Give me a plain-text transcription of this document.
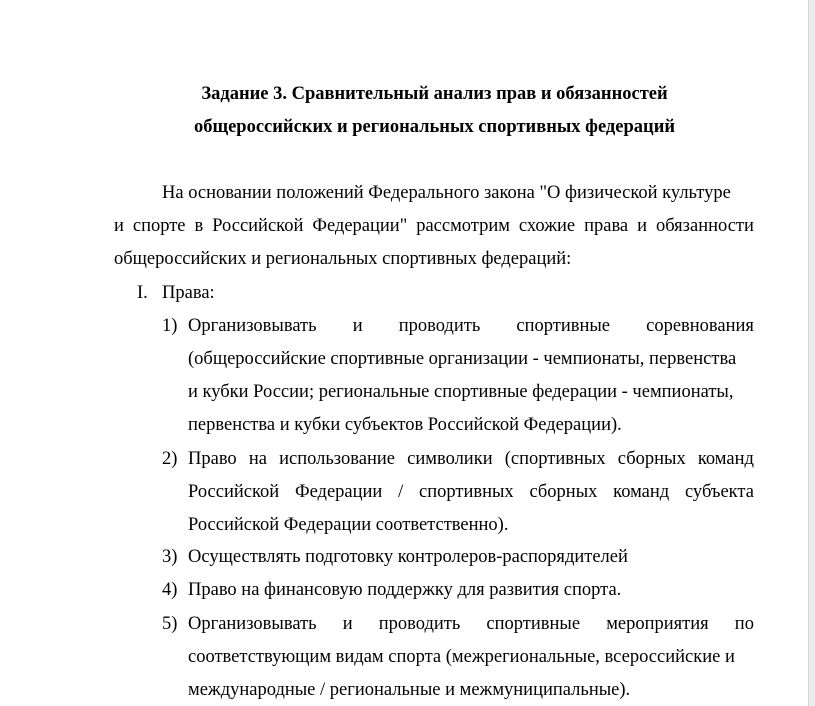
Задание 3. Сравнительный анализ прав и обязанностей
общероссийских и региональных спортивных федераций
На основании положений Федерального закона "О физической культуре
и спорте в Российской Федерации" рассмотрим схожие права и обязанности
общероссийских и региональных спортивных федераций:
I. Права:
1) Организовывать и проводить спортивные соревнования
(общероссийские спортивные организации - чемпионаты, первенства
и кубки России; региональные спортивные федерации - чемпионаты,
первенства и кубки субъектов Российской Федерации).
2) Право на использование символики (спортивных сборных команд
Российской Федерации / спортивных сборных команд субъекта
Российской Федерации соответственно).
3) Осуществлять подготовку контролеров-распорядителей
4) Право на финансовую поддержку для развития спорта.
5) Организовывать и проводить спортивные мероприятия по
соответствующим видам спорта (межрегиональные, всероссийские и
международные / региональные и межмуниципальные).
